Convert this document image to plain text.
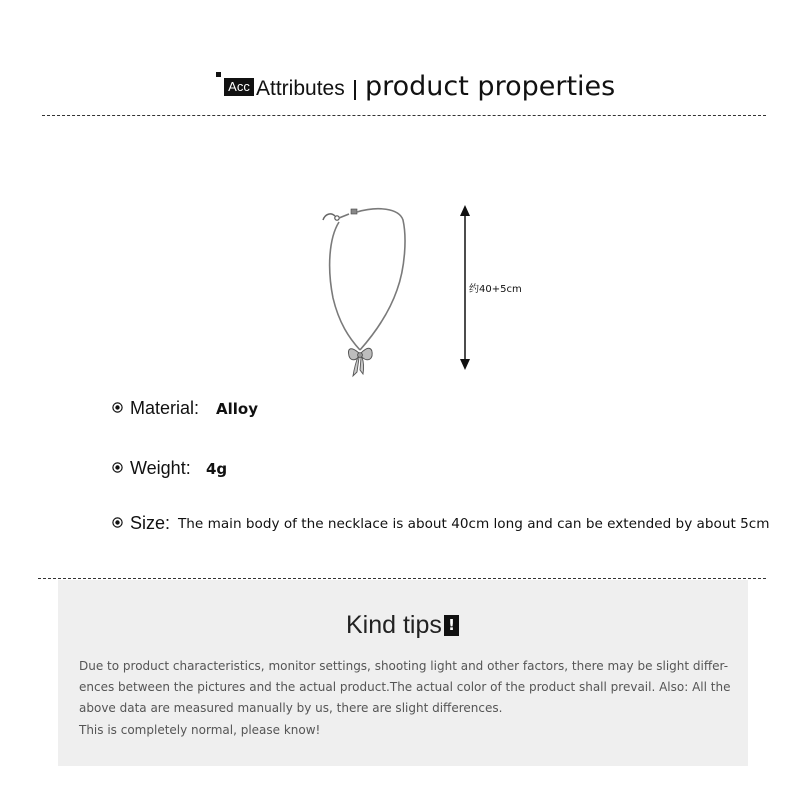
Acc Attributes product properties
约40+5cm
Material: Alloy
Weight: 4g
Size: The main body of the necklace is about 40cm long and can be extended by about 5cm
Kind tips !
Due to product characteristics, monitor settings, shooting light and other factors, there may be slight differ-
ences between the pictures and the actual product.The actual color of the product shall prevail. Also: All the
above data are measured manually by us, there are slight differences.
This is completely normal, please know!
